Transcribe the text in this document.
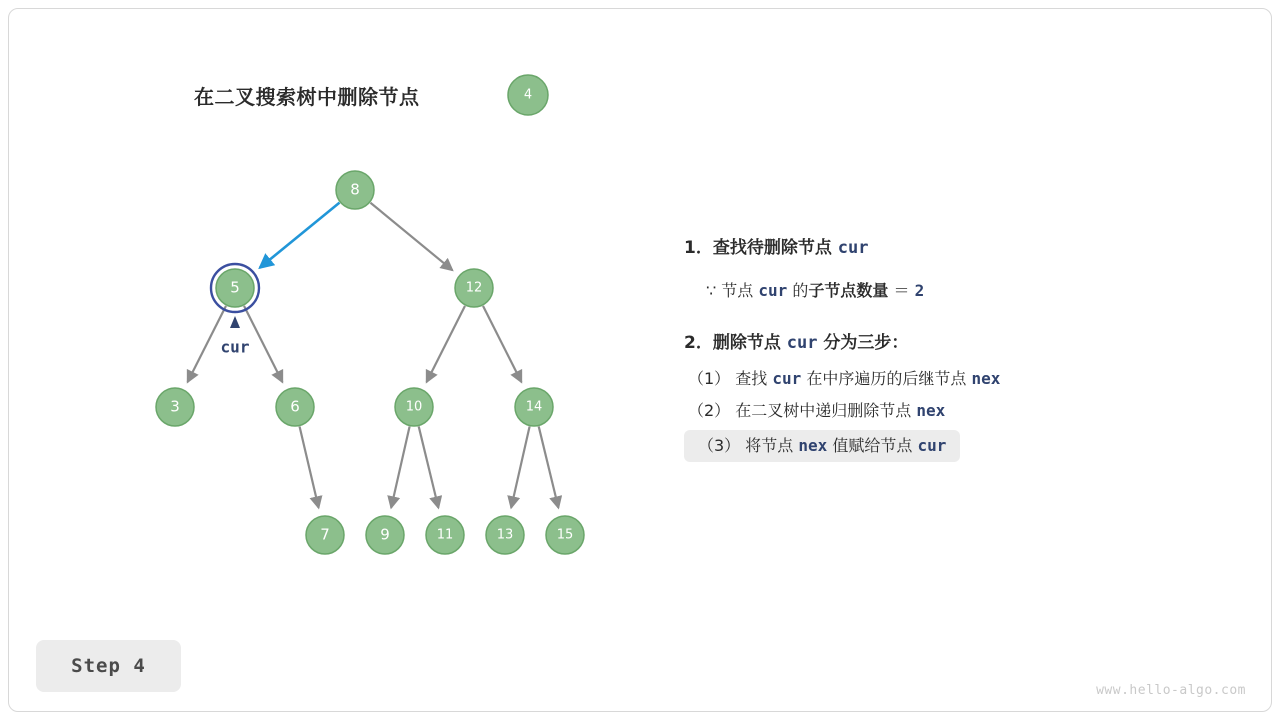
在二叉搜索树中删除节点	4
cur
1．查找待删除节点 cur
∵ 节点 cur 的子节点数量 ＝ 2
2．删除节点 cur 分为三步：
（1） 查找 cur 在中序遍历的后继节点 nex
（2） 在二叉树中递归删除节点 nex
（3） 将节点 nex 值赋给节点 cur
Step 4
www.hello-algo.com
8
5	12
3	6	10	14
7	9	11	13	15
